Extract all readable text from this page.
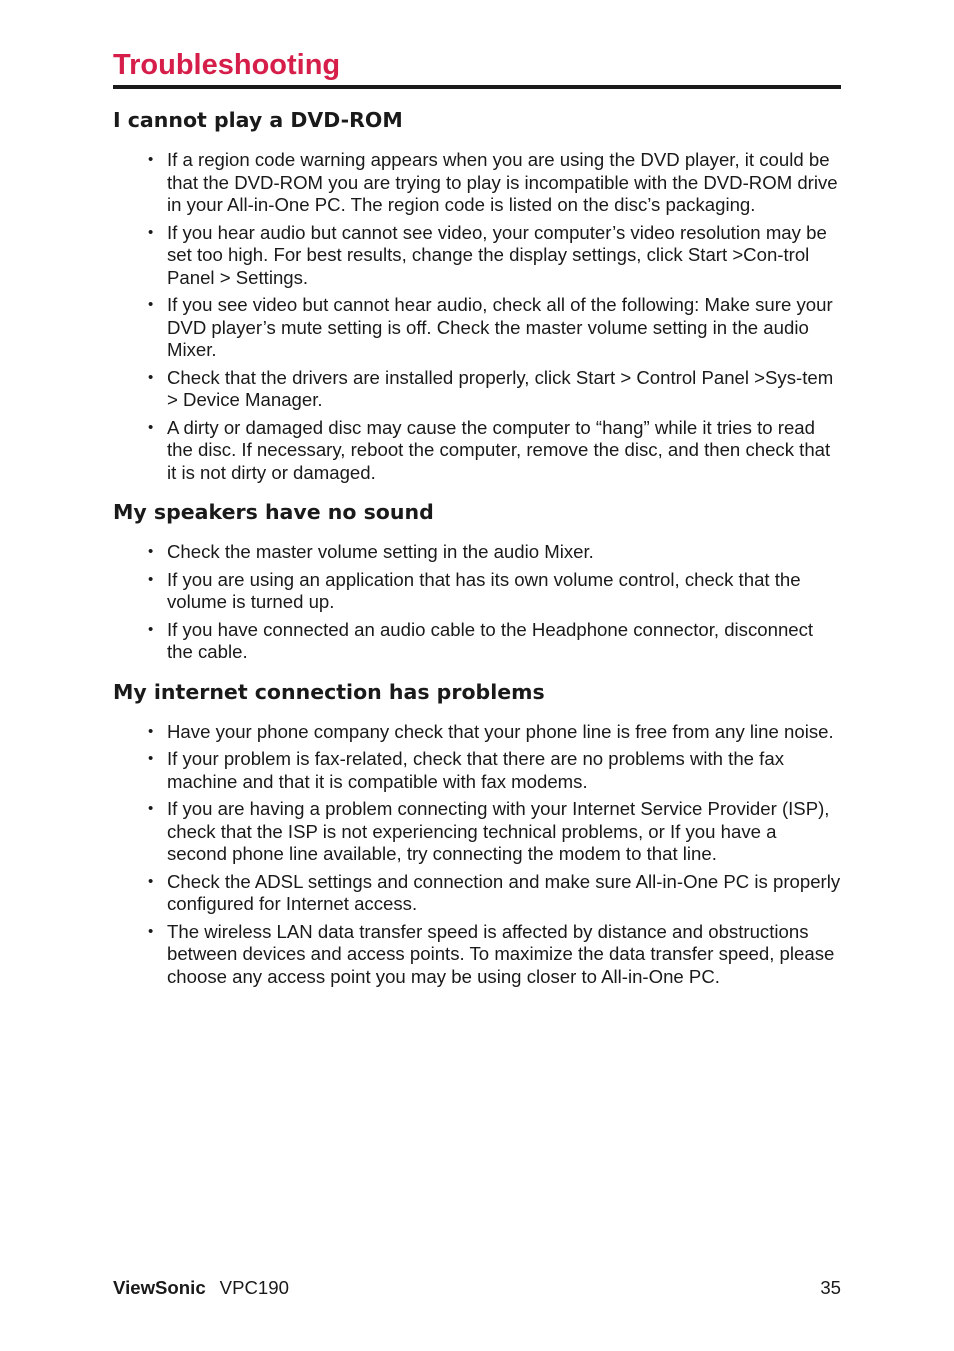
Troubleshooting
I cannot play a DVD-ROM
• If a region code warning appears when you are using the DVD player, it could be that the DVD-ROM you are trying to play is incompatible with the DVD-ROM drive in your All-in-One PC. The region code is listed on the disc’s packaging.
• If you hear audio but cannot see video, your computer’s video resolution may be set too high. For best results, change the display settings, click Start >Con-trol Panel > Settings.
• If you see video but cannot hear audio, check all of the following: Make sure your DVD player’s mute setting is off. Check the master volume setting in the audio Mixer.
• Check that the drivers are installed properly, click Start > Control Panel >Sys-tem > Device Manager.
• A dirty or damaged disc may cause the computer to “hang” while it tries to read the disc. If necessary, reboot the computer, remove the disc, and then check that it is not dirty or damaged.
My speakers have no sound
• Check the master volume setting in the audio Mixer.
• If you are using an application that has its own volume control, check that the volume is turned up.
• If you have connected an audio cable to the Headphone connector, disconnect the cable.
My internet connection has problems
• Have your phone company check that your phone line is free from any line noise.
• If your problem is fax-related, check that there are no problems with the fax machine and that it is compatible with fax modems.
• If you are having a problem connecting with your Internet Service Provider (ISP), check that the ISP is not experiencing technical problems, or If you have a second phone line available, try connecting the modem to that line.
• Check the ADSL settings and connection and make sure All-in-One PC is properly configured for Internet access.
• The wireless LAN data transfer speed is affected by distance and obstructions between devices and access points. To maximize the data transfer speed, please choose any access point you may be using closer to All-in-One PC.
ViewSonic VPC190	35
